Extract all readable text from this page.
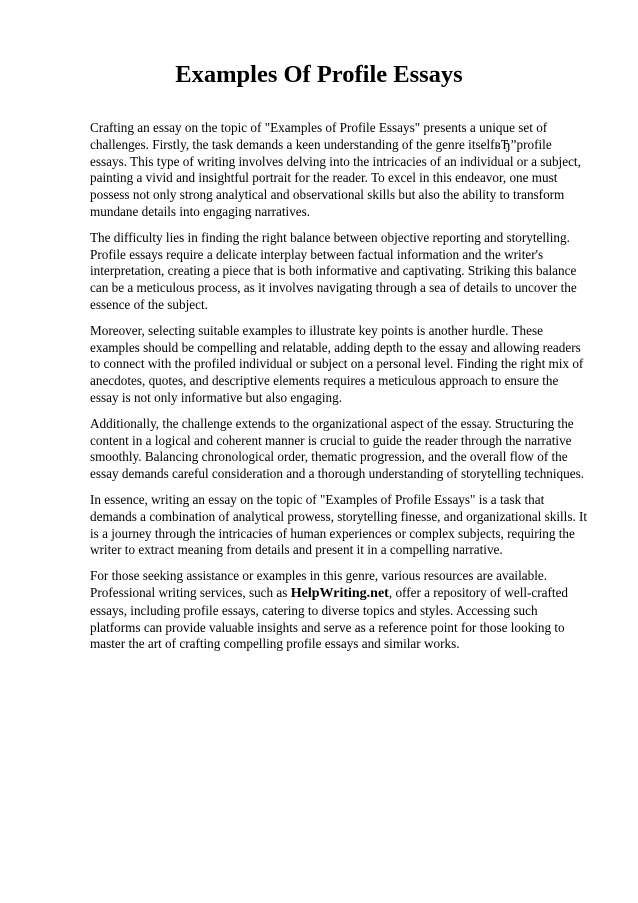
Examples Of Profile Essays

Crafting an essay on the topic of "Examples of Profile Essays" presents a unique set of challenges. Firstly, the task demands a keen understanding of the genre itselfвЂ”profile essays. This type of writing involves delving into the intricacies of an individual or a subject, painting a vivid and insightful portrait for the reader. To excel in this endeavor, one must possess not only strong analytical and observational skills but also the ability to transform mundane details into engaging narratives.

The difficulty lies in finding the right balance between objective reporting and storytelling. Profile essays require a delicate interplay between factual information and the writer's interpretation, creating a piece that is both informative and captivating. Striking this balance can be a meticulous process, as it involves navigating through a sea of details to uncover the essence of the subject.

Moreover, selecting suitable examples to illustrate key points is another hurdle. These examples should be compelling and relatable, adding depth to the essay and allowing readers to connect with the profiled individual or subject on a personal level. Finding the right mix of anecdotes, quotes, and descriptive elements requires a meticulous approach to ensure the essay is not only informative but also engaging.

Additionally, the challenge extends to the organizational aspect of the essay. Structuring the content in a logical and coherent manner is crucial to guide the reader through the narrative smoothly. Balancing chronological order, thematic progression, and the overall flow of the essay demands careful consideration and a thorough understanding of storytelling techniques.

In essence, writing an essay on the topic of "Examples of Profile Essays" is a task that demands a combination of analytical prowess, storytelling finesse, and organizational skills. It is a journey through the intricacies of human experiences or complex subjects, requiring the writer to extract meaning from details and present it in a compelling narrative.

For those seeking assistance or examples in this genre, various resources are available. Professional writing services, such as HelpWriting.net, offer a repository of well-crafted essays, including profile essays, catering to diverse topics and styles. Accessing such platforms can provide valuable insights and serve as a reference point for those looking to master the art of crafting compelling profile essays and similar works.
